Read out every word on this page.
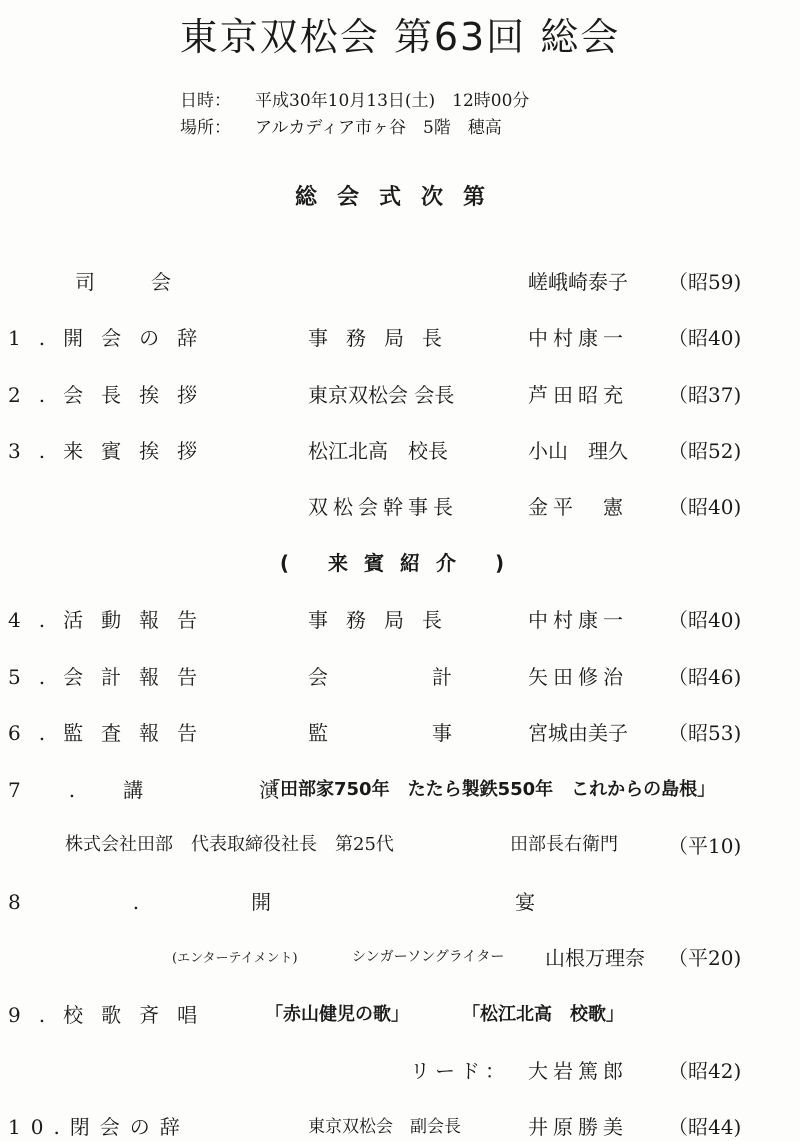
東京双松会 第63回 総会
日時： 平成30年10月13日(土)　12時00分
場所： アルカディア市ヶ谷　5階　穂高
総会式次第
司　会	嵯峨崎泰子 （昭59)
1.開会の辞	事務局長	中村康一 （昭40)
2.会長挨拶	東京双松会 会長	芦田昭充 （昭37)
3.来賓挨拶	松江北高　校長	小山　理久 （昭52)
双松会幹事長	金平　憲 （昭40)
( 来賓紹介 )
4.活動報告	事務局長	中村康一 （昭40)
5.会計報告	会　計 矢田修治 （昭46)
6.監査報告	監　事 宮城由美子 （昭53)
7.講　演
「田部家750年　たたら製鉄550年　これからの島根」
株式会社田部　代表取締役社長　第25代	田部長右衛門	（平10)
8.開　宴
(エンターテイメント)	シンガーソングライター 山根万理奈 （平20)
9.校歌斉唱	「赤山健児の歌」	「松江北高　校歌」
リード： 大岩篤郎 （昭42)
10.閉会の辞	東京双松会　副会長	井原勝美 （昭44)
